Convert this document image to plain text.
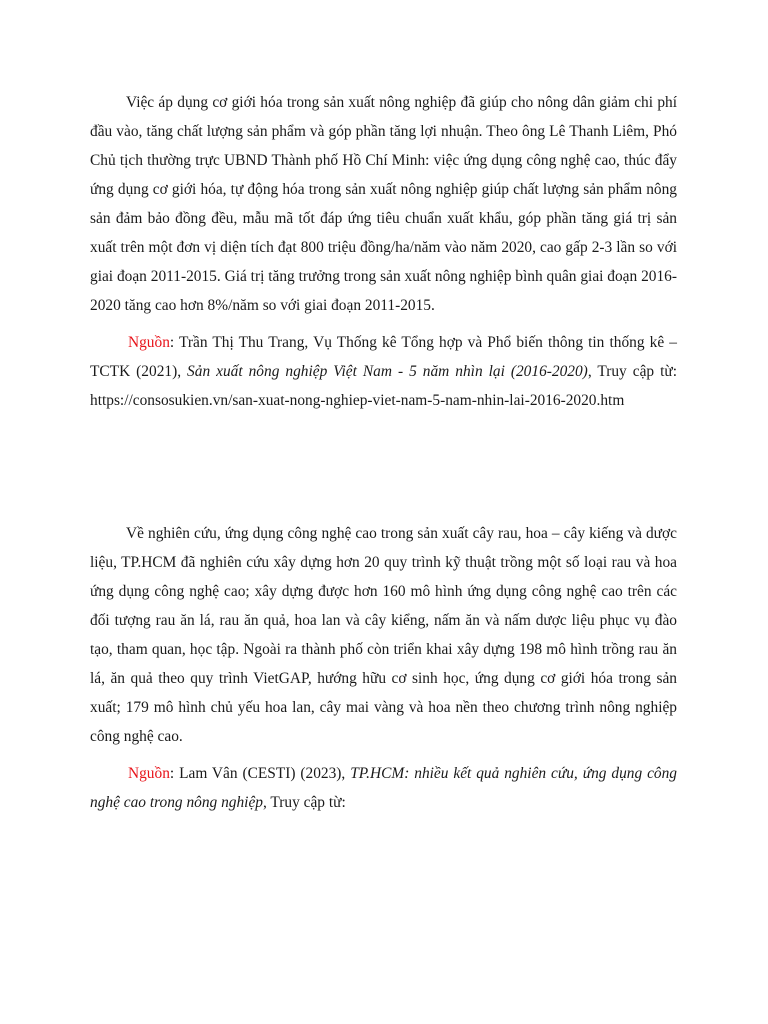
Việc áp dụng cơ giới hóa trong sản xuất nông nghiệp đã giúp cho nông dân giảm chi phí đầu vào, tăng chất lượng sản phẩm và góp phần tăng lợi nhuận. Theo ông Lê Thanh Liêm, Phó Chủ tịch thường trực UBND Thành phố Hồ Chí Minh: việc ứng dụng công nghệ cao, thúc đẩy ứng dụng cơ giới hóa, tự động hóa trong sản xuất nông nghiệp giúp chất lượng sản phẩm nông sản đảm bảo đồng đều, mẫu mã tốt đáp ứng tiêu chuẩn xuất khẩu, góp phần tăng giá trị sản xuất trên một đơn vị diện tích đạt 800 triệu đồng/ha/năm vào năm 2020, cao gấp 2-3 lần so với giai đoạn 2011-2015. Giá trị tăng trưởng trong sản xuất nông nghiệp bình quân giai đoạn 2016-2020 tăng cao hơn 8%/năm so với giai đoạn 2011-2015.

Nguồn: Trần Thị Thu Trang, Vụ Thống kê Tổng hợp và Phổ biến thông tin thống kê – TCTK (2021), Sản xuất nông nghiệp Việt Nam - 5 năm nhìn lại (2016-2020), Truy cập từ: https://consosukien.vn/san-xuat-nong-nghiep-viet-nam-5-nam-nhin-lai-2016-2020.htm

Về nghiên cứu, ứng dụng công nghệ cao trong sản xuất cây rau, hoa – cây kiếng và dược liệu, TP.HCM đã nghiên cứu xây dựng hơn 20 quy trình kỹ thuật trồng một số loại rau và hoa ứng dụng công nghệ cao; xây dựng được hơn 160 mô hình ứng dụng công nghệ cao trên các đối tượng rau ăn lá, rau ăn quả, hoa lan và cây kiểng, nấm ăn và nấm dược liệu phục vụ đào tạo, tham quan, học tập. Ngoài ra thành phố còn triển khai xây dựng 198 mô hình trồng rau ăn lá, ăn quả theo quy trình VietGAP, hướng hữu cơ sinh học, ứng dụng cơ giới hóa trong sản xuất; 179 mô hình chủ yếu hoa lan, cây mai vàng và hoa nền theo chương trình nông nghiệp công nghệ cao.

Nguồn: Lam Vân (CESTI) (2023), TP.HCM: nhiều kết quả nghiên cứu, ứng dụng công nghệ cao trong nông nghiệp, Truy cập từ:
